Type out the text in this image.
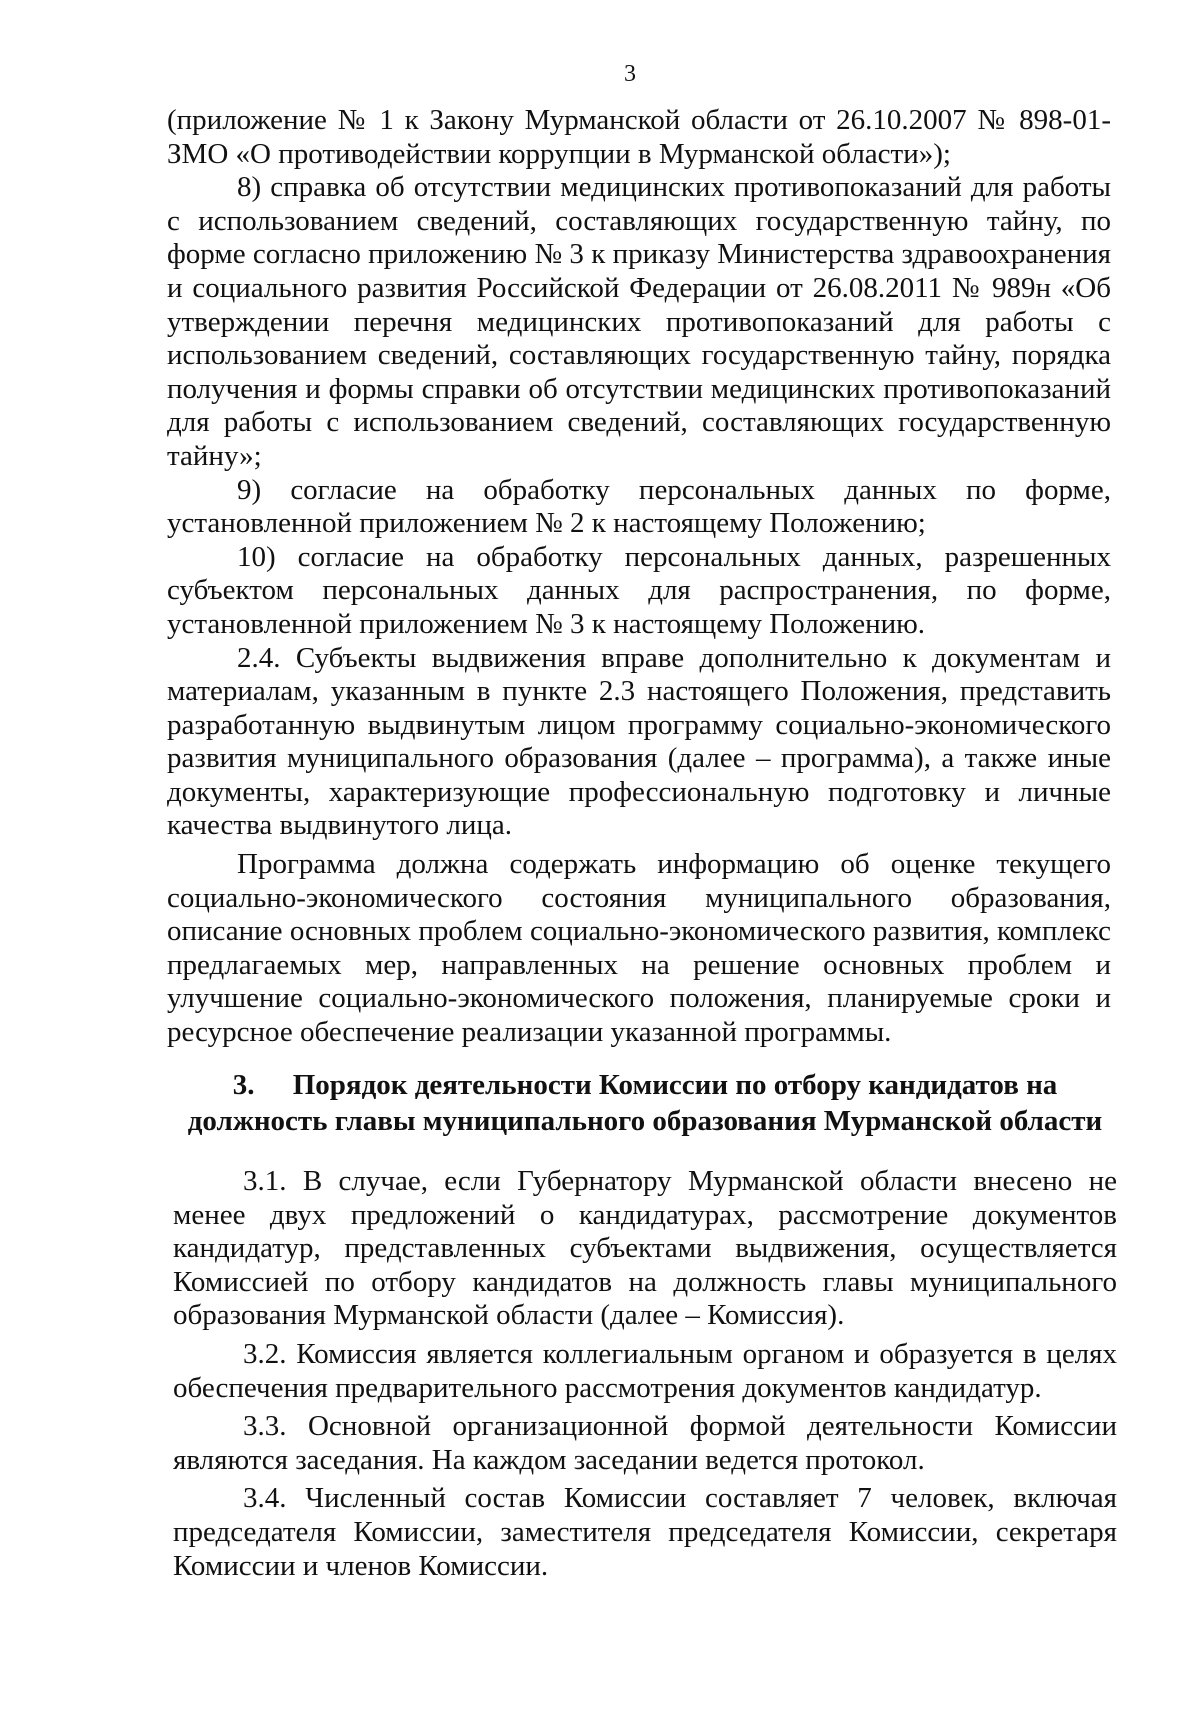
3

(приложение № 1 к Закону Мурманской области от 26.10.2007 № 898-01-ЗМО «О противодействии коррупции в Мурманской области»);

8) справка об отсутствии медицинских противопоказаний для работы с использованием сведений, составляющих государственную тайну, по форме согласно приложению № 3 к приказу Министерства здравоохранения и социального развития Российской Федерации от 26.08.2011 № 989н «Об утверждении перечня медицинских противопоказаний для работы с использованием сведений, составляющих государственную тайну, порядка получения и формы справки об отсутствии медицинских противопоказаний для работы с использованием сведений, составляющих государственную тайну»;

9) согласие на обработку персональных данных по форме, установленной приложением № 2 к настоящему Положению;

10) согласие на обработку персональных данных, разрешенных субъектом персональных данных для распространения, по форме, установленной приложением № 3 к настоящему Положению.

2.4. Субъекты выдвижения вправе дополнительно к документам и материалам, указанным в пункте 2.3 настоящего Положения, представить разработанную выдвинутым лицом программу социально-экономического развития муниципального образования (далее – программа), а также иные документы, характеризующие профессиональную подготовку и личные качества выдвинутого лица.

Программа должна содержать информацию об оценке текущего социально-экономического состояния муниципального образования, описание основных проблем социально-экономического развития, комплекс предлагаемых мер, направленных на решение основных проблем и улучшение социально-экономического положения, планируемые сроки и ресурсное обеспечение реализации указанной программы.

3. Порядок деятельности Комиссии по отбору кандидатов на должность главы муниципального образования Мурманской области

3.1. В случае, если Губернатору Мурманской области внесено не менее двух предложений о кандидатурах, рассмотрение документов кандидатур, представленных субъектами выдвижения, осуществляется Комиссией по отбору кандидатов на должность главы муниципального образования Мурманской области (далее – Комиссия).

3.2. Комиссия является коллегиальным органом и образуется в целях обеспечения предварительного рассмотрения документов кандидатур.

3.3. Основной организационной формой деятельности Комиссии являются заседания. На каждом заседании ведется протокол.

3.4. Численный состав Комиссии составляет 7 человек, включая председателя Комиссии, заместителя председателя Комиссии, секретаря Комиссии и членов Комиссии.
